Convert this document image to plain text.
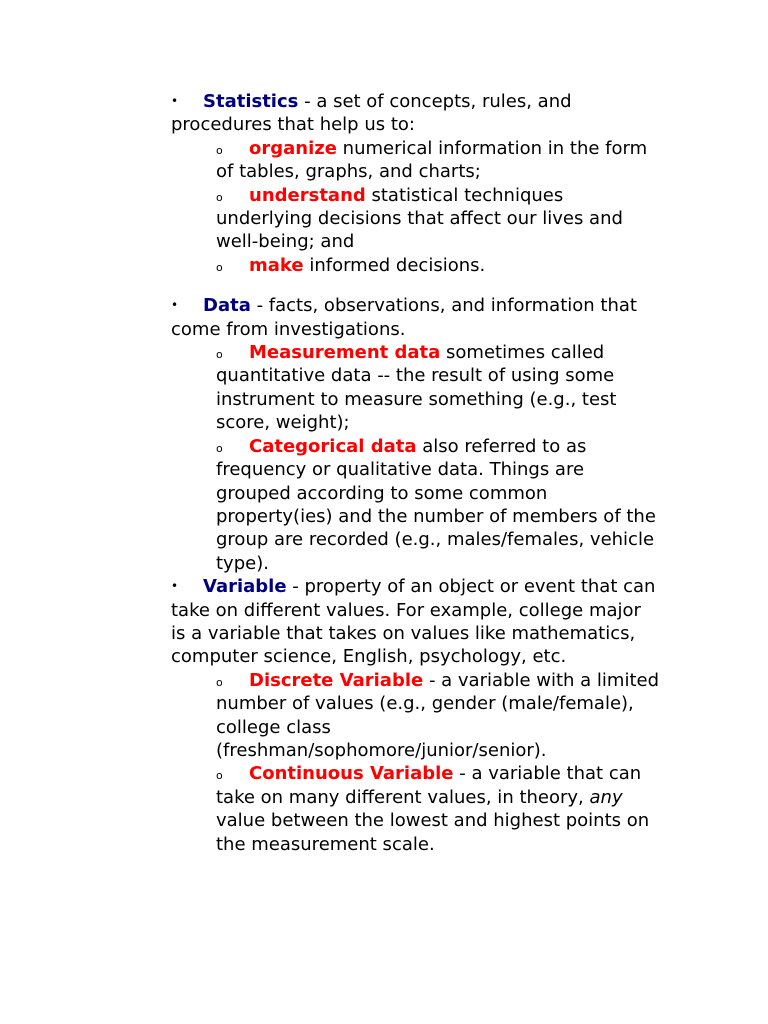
• Statistics - a set of concepts, rules, and procedures that help us to:
o organize numerical information in the form of tables, graphs, and charts;
o understand statistical techniques underlying decisions that affect our lives and well-being; and
o make informed decisions.
• Data - facts, observations, and information that come from investigations.
o Measurement data sometimes called quantitative data -- the result of using some instrument to measure something (e.g., test score, weight);
o Categorical data also referred to as frequency or qualitative data. Things are grouped according to some common property(ies) and the number of members of the group are recorded (e.g., males/females, vehicle type).
• Variable - property of an object or event that can take on different values. For example, college major is a variable that takes on values like mathematics, computer science, English, psychology, etc.
o Discrete Variable - a variable with a limited number of values (e.g., gender (male/female), college class (freshman/sophomore/junior/senior).
o Continuous Variable - a variable that can take on many different values, in theory, any value between the lowest and highest points on the measurement scale.
